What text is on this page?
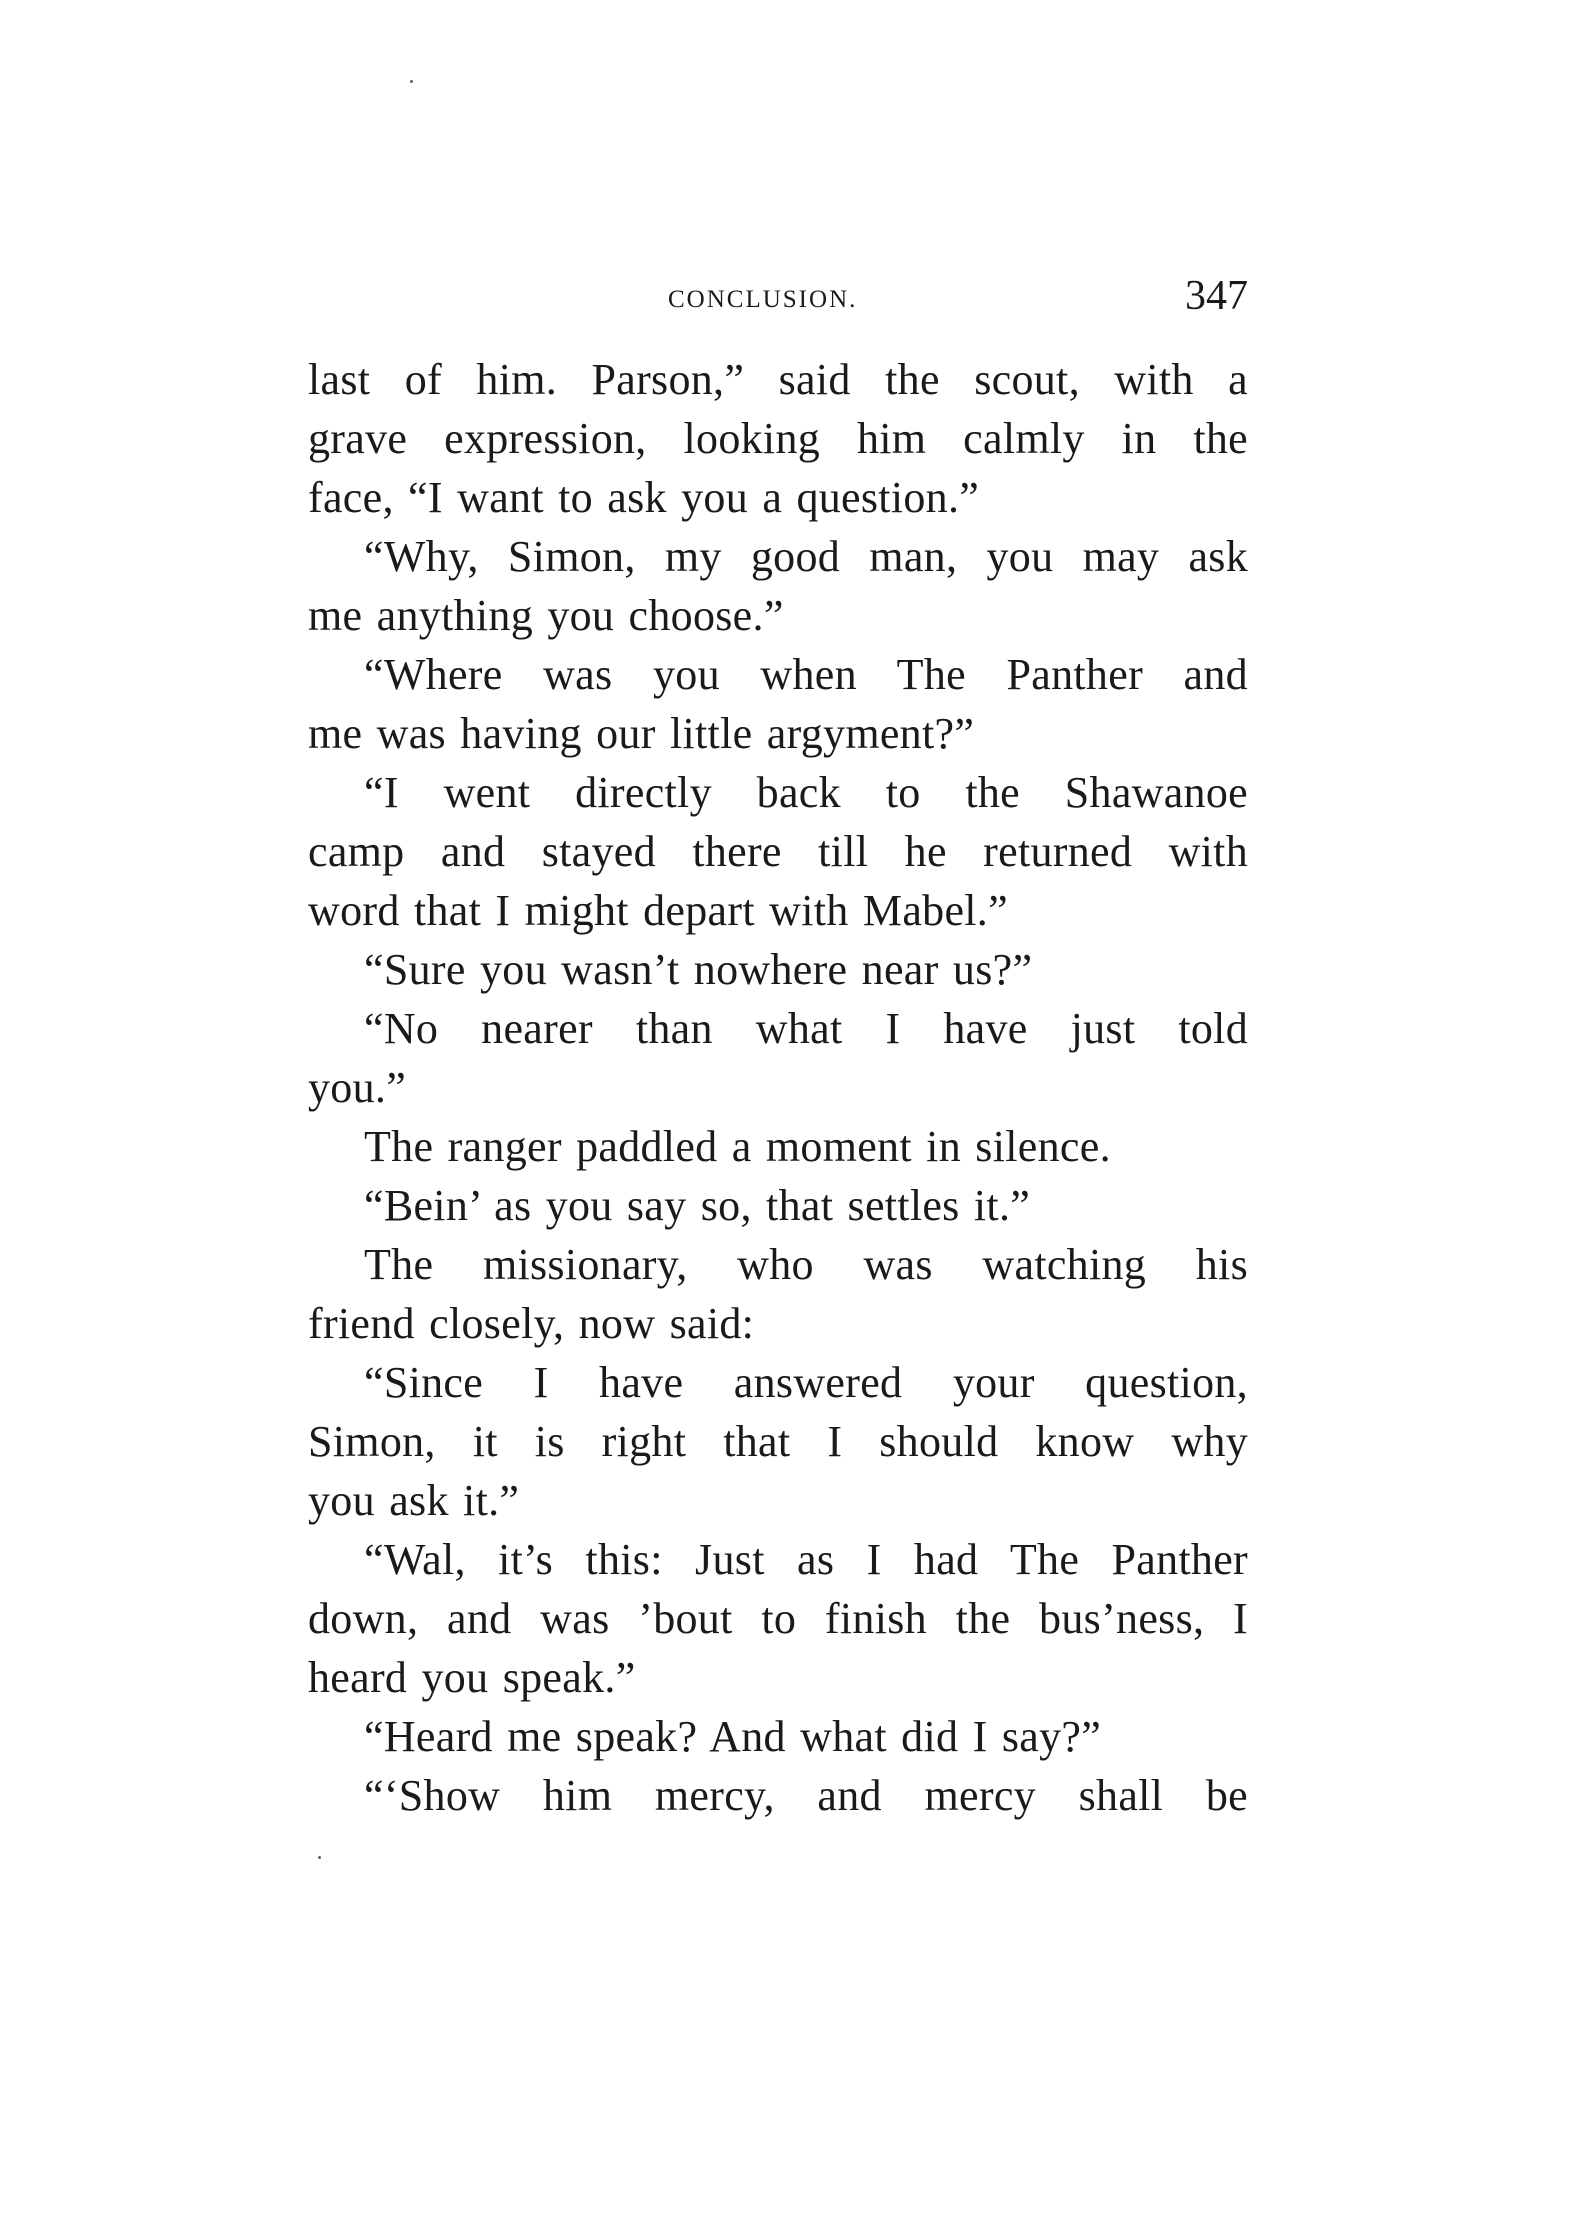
CONCLUSION.	347
last of him. Parson,” said the scout, with a
grave expression, looking him calmly in the
face, “I want to ask you a question.”
“Why, Simon, my good man, you may ask
me anything you choose.”
“Where was you when The Panther and
me was having our little argyment?”
“I went directly back to the Shawanoe
camp and stayed there till he returned with
word that I might depart with Mabel.”
“Sure you wasn’t nowhere near us?”
“No nearer than what I have just told
you.”
The ranger paddled a moment in silence.
“Bein’ as you say so, that settles it.”
The missionary, who was watching his
friend closely, now said:
“Since I have answered your question,
Simon, it is right that I should know why
you ask it.”
“Wal, it’s this: Just as I had The Panther
down, and was ’bout to finish the bus’ness, I
heard you speak.”
“Heard me speak? And what did I say?”
“‘Show him mercy, and mercy shall be
